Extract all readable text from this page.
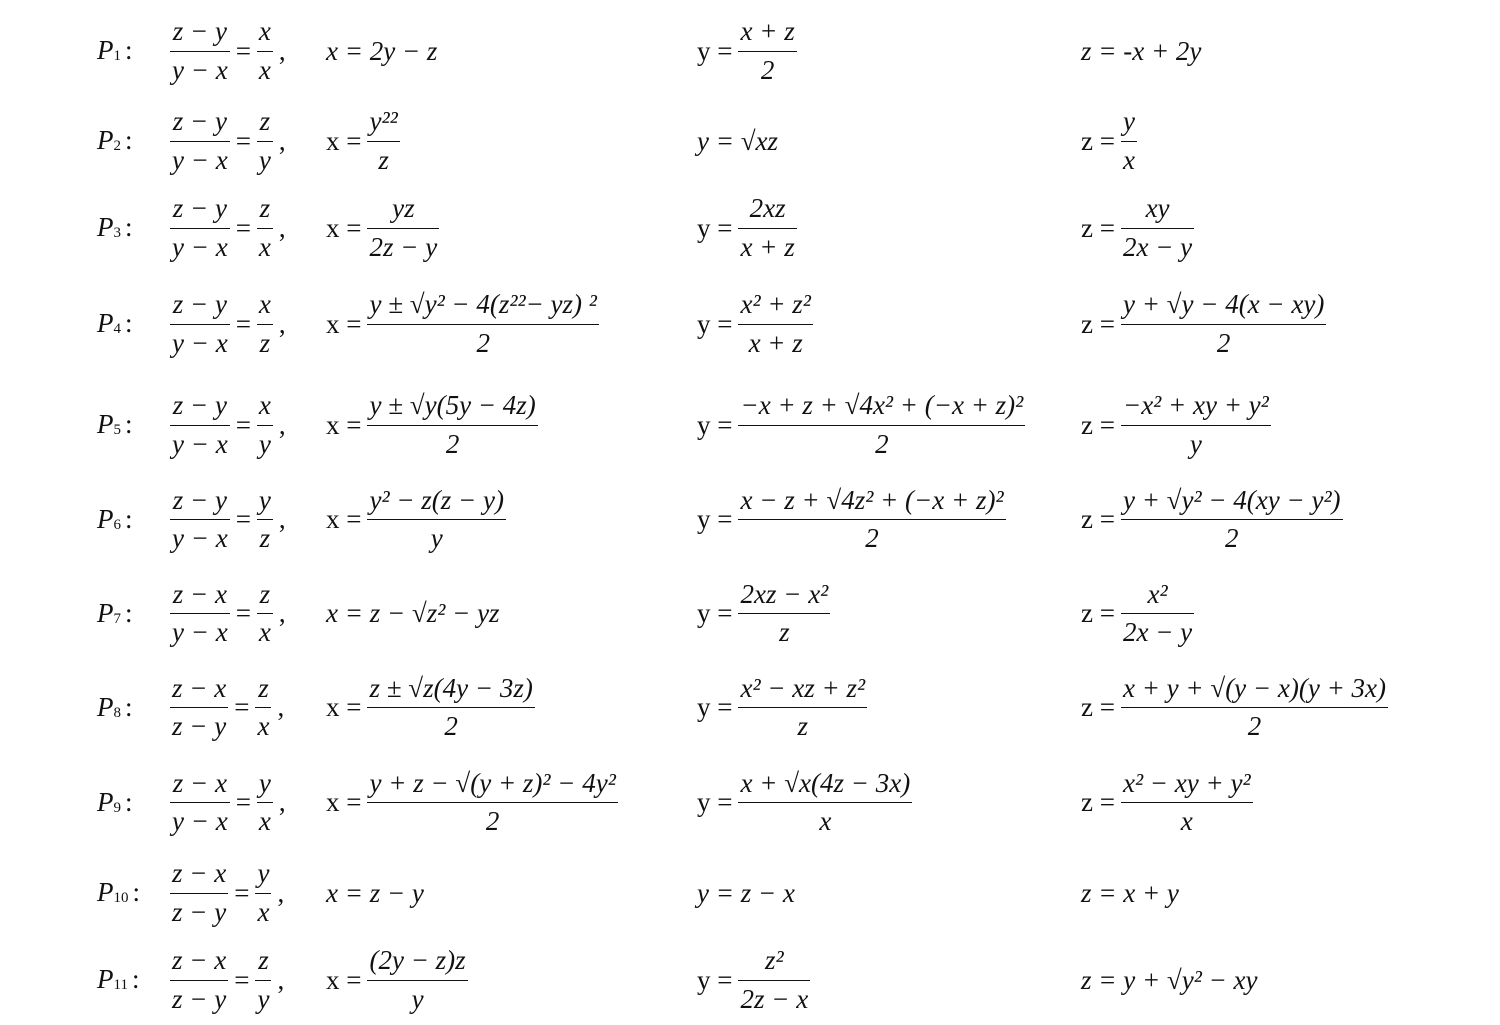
$P_1$ : $\frac{z - y}{y - x} = \frac{x}{x}$ , x = 2y − z	$y = \frac{x + z}{2}$	z = -x + 2y
$P_2$ : $\frac{z - y}{y - x} = \frac{z}{y}$ , $x = \frac{\text{y²²}}{z}$	y = √xz	$z = \frac{y}{x}$
$P_3$ : $\frac{z - y}{y - x} = \frac{z}{x}$ , $x = \frac{yz}{2z - y}$	$y = \frac{2xz}{x + z}$	$z = \frac{xy}{2x - y}$
$P_4$ : $\frac{z - y}{y - x} = \frac{x}{z}$ , $x = \frac{\text{y ± √y² − 4(z²²− yz) ²}}{2}$	$y = \frac{\text{x² + z²}}{x + z}$	$z = \frac{y + √y - 4(x - xy)}{2}$
$P_5$ : $\frac{z - y}{y - x} = \frac{x}{y}$ , $x = \frac{y \pm √y(5y - 4z)}{2}$	$y = \frac{\text{−x + z + √4x² + (−x + z)²}}{2}$ $z = \frac{\text{−x² + xy + y²}}{y}$
$P_6$ : $\frac{z - y}{y - x} = \frac{y}{z}$ , $x = \frac{\text{y² − z(z − y)}}{y}$	$y = \frac{\text{x − z + √4z² + (−x + z)²}}{2}$	$z = \frac{\text{y + √y² − 4(xy − y²)}}{2}$
$P_7$ : $\frac{z - x}{y - x} = \frac{z}{x}$ , x = z − √z² − yz	$y = \frac{\text{2xz − x²}}{z}$	$z = \frac{\text{x²}}{2x - y}$
$P_8$ : $\frac{z - x}{z - y} = \frac{z}{x}$ , $x = \frac{z \pm √z(4y - 3z)}{2}$	$y = \frac{\text{x² − xz + z²}}{z}$	$z = \frac{x + y + √(y - x)(y + 3x)}{2}$
$P_9$ : $\frac{z - x}{y - x} = \frac{y}{x}$ , $x = \frac{\text{y + z − √(y + z)² − 4y²}}{2}$	$y = \frac{x + √x(4z - 3x)}{x}$	$z = \frac{\text{x² − xy + y²}}{x}$
$P_{10}$ : $\frac{z - x}{z - y} = \frac{y}{x}$ , x = z − y	y = z − x	z = x + y
$P_{11}$ : $\frac{z - x}{z - y} = \frac{z}{y}$ , $x = \frac{(2y - z)z}{y}$	$y = \frac{\text{z²}}{2z - x}$	z = y + √y² − xy
